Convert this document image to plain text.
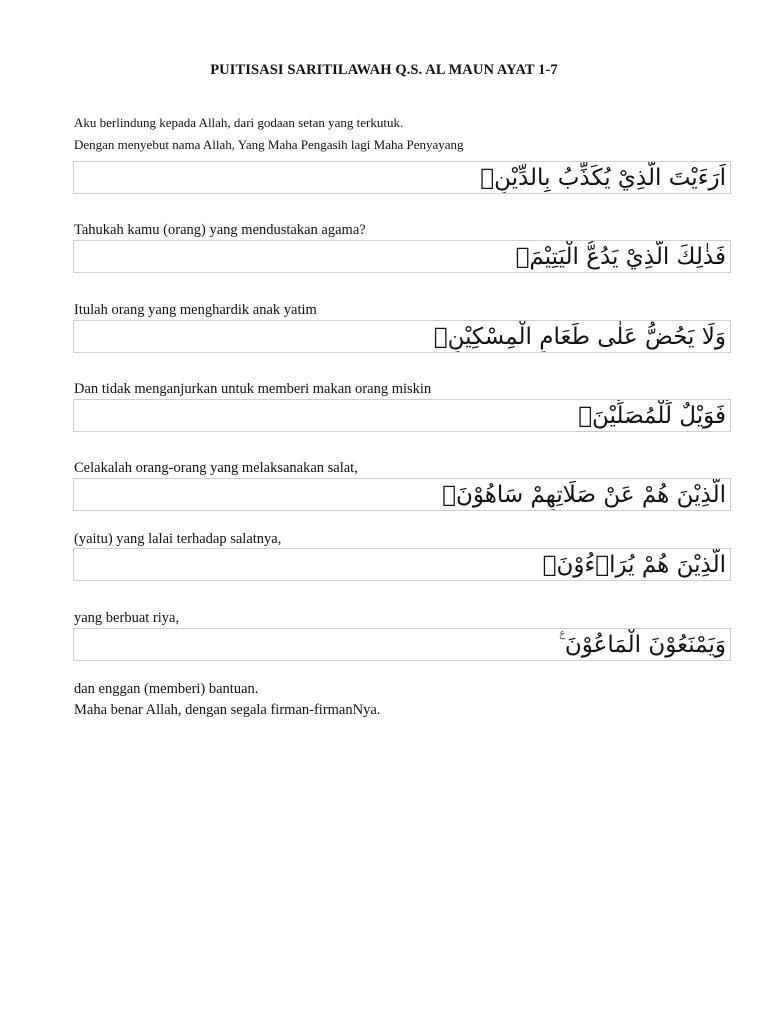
PUITISASI SARITILAWAH Q.S. AL MAUN AYAT 1-7
Aku berlindung kepada Allah, dari godaan setan yang terkutuk.
Dengan menyebut nama Allah, Yang Maha Pengasih lagi Maha Penyayang
اَرَءَيْتَ الَّذِيْ يُكَذِّبُ بِالدِّيْنِۗ
Tahukah kamu (orang) yang mendustakan agama?
فَذٰلِكَ الَّذِيْ يَدُعُّ الْيَتِيْمَۙ
Itulah orang yang menghardik anak yatim
وَلَا يَحُضُّ عَلٰى طَعَامِ الْمِسْكِيْنِۗ
Dan tidak menganjurkan untuk memberi makan orang miskin
فَوَيْلٌ لِّلْمُصَلِّيْنَۙ
Celakalah orang-orang yang melaksanakan salat,
الَّذِيْنَ هُمْ عَنْ صَلَاتِهِمْ سَاهُوْنَۙ
(yaitu) yang lalai terhadap salatnya,
الَّذِيْنَ هُمْ يُرَاۤءُوْنَۙ
yang berbuat riya,
وَيَمْنَعُوْنَ الْمَاعُوْنَ ࣖ
dan enggan (memberi) bantuan.
Maha benar Allah, dengan segala firman-firmanNya.
